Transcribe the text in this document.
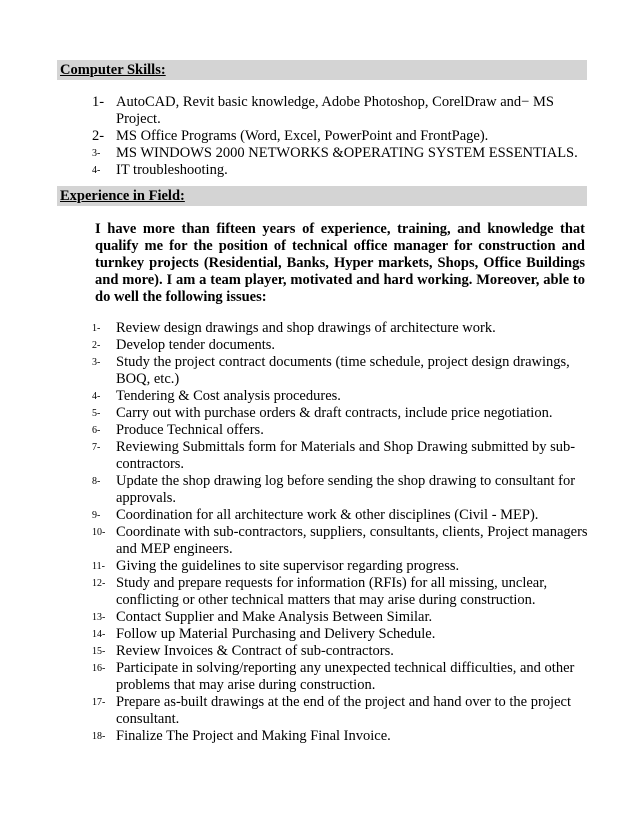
Computer Skills:
1- AutoCAD, Revit basic knowledge, Adobe Photoshop, CorelDraw and− MS Project.
2- MS Office Programs (Word, Excel, PowerPoint and FrontPage).
3- MS WINDOWS 2000 NETWORKS &OPERATING SYSTEM ESSENTIALS.
4- IT troubleshooting.
Experience in Field:

I have more than fifteen years of experience, training, and knowledge that qualify me for the position of technical office manager for construction and turnkey projects (Residential, Banks, Hyper markets, Shops, Office Buildings and more). I am a team player, motivated and hard working. Moreover, able to do well the following issues:

1- Review design drawings and shop drawings of architecture work.
2- Develop tender documents.
3- Study the project contract documents (time schedule, project design drawings, BOQ, etc.)
4- Tendering & Cost analysis procedures.
5- Carry out with purchase orders & draft contracts, include price negotiation.
6- Produce Technical offers.
7- Reviewing Submittals form for Materials and Shop Drawing submitted by sub-contractors.
8- Update the shop drawing log before sending the shop drawing to consultant for approvals.
9- Coordination for all architecture work & other disciplines (Civil - MEP).
10- Coordinate with sub-contractors, suppliers, consultants, clients, Project managers and MEP engineers.
11- Giving the guidelines to site supervisor regarding progress.
12- Study and prepare requests for information (RFIs) for all missing, unclear, conflicting or other technical matters that may arise during construction.
13- Contact Supplier and Make Analysis Between Similar.
14- Follow up Material Purchasing and Delivery Schedule.
15- Review Invoices & Contract of sub-contractors.
16- Participate in solving/reporting any unexpected technical difficulties, and other problems that may arise during construction.
17- Prepare as-built drawings at the end of the project and hand over to the project consultant.
18- Finalize The Project and Making Final Invoice.
